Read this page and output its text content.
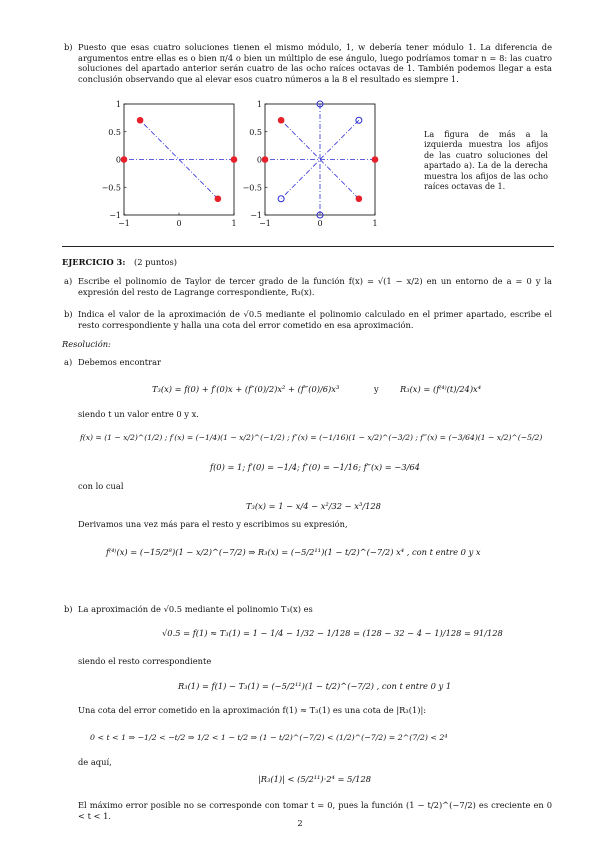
b) Puesto que esas cuatro soluciones tienen el mismo módulo, 1, w debería tener módulo 1. La diferencia de argumentos entre ellas es o bien π/4 o bien un múltiplo de ese ángulo, luego podríamos tomar n = 8: las cuatro soluciones del apartado anterior serán cuatro de las ocho raíces octavas de 1. También podemos llegar a esta conclusión observando que al elevar esos cuatro números a la 8 el resultado es siempre 1.
−1	0	1
1
0.5
0
−0.5
−1
−1	0	1
1
0.5
0
−0.5
−1
La figura de más a la izquierda muestra los afijos de las cuatro soluciones del apartado a). La de la derecha muestra los afijos de las ocho raíces octavas de 1.
EJERCICIO 3: (2 puntos)
a) Escribe el polinomio de Taylor de tercer grado de la función f(x) = √(1 − x/2) en un entorno de a = 0 y la expresión del resto de Lagrange correspondiente, R₃(x).
b) Indica el valor de la aproximación de √0.5 mediante el polinomio calculado en el primer apartado, escribe el resto correspondiente y halla una cota del error cometido en esa aproximación.
Resolución:
a) Debemos encontrar
T₃(x) = f(0) + f′(0)x + (f″(0)/2)x² + (f‴(0)/6)x³	y	R₃(x) = (f⁽⁴⁾(t)/24)x⁴
siendo t un valor entre 0 y x.
f(x) = (1 − x/2)^(1/2) ; f′(x) = (−1/4)(1 − x/2)^(−1/2) ; f″(x) = (−1/16)(1 − x/2)^(−3/2) ; f‴(x) = (−3/64)(1 − x/2)^(−5/2)
f(0) = 1; f′(0) = −1/4; f″(0) = −1/16; f‴(x) = −3/64
con lo cual
T₃(x) = 1 − x/4 − x²/32 − x³/128
Derivamos una vez más para el resto y escribimos su expresión,
f⁽⁴⁾(x) = (−15/2⁸)(1 − x/2)^(−7/2) ⇒ R₃(x) = (−5/2¹¹)(1 − t/2)^(−7/2) x⁴ , con t entre 0 y x
b) La aproximación de √0.5 mediante el polinomio T₃(x) es
√0.5 = f(1) ≈ T₃(1) = 1 − 1/4 − 1/32 − 1/128 = (128 − 32 − 4 − 1)/128 = 91/128
siendo el resto correspondiente
R₃(1) = f(1) − T₃(1) = (−5/2¹¹)(1 − t/2)^(−7/2) , con t entre 0 y 1
Una cota del error cometido en la aproximación f(1) ≈ T₃(1) es una cota de |R₃(1)|:
0 < t < 1 ⇒ −1/2 < −t/2 ⇒ 1/2 < 1 − t/2 ⇒ (1 − t/2)^(−7/2) < (1/2)^(−7/2) = 2^(7/2) < 2⁴
de aquí,
|R₃(1)| < (5/2¹¹)·2⁴ = 5/128
El máximo error posible no se corresponde con tomar t = 0, pues la función (1 − t/2)^(−7/2) es creciente en 0 < t < 1.
2
